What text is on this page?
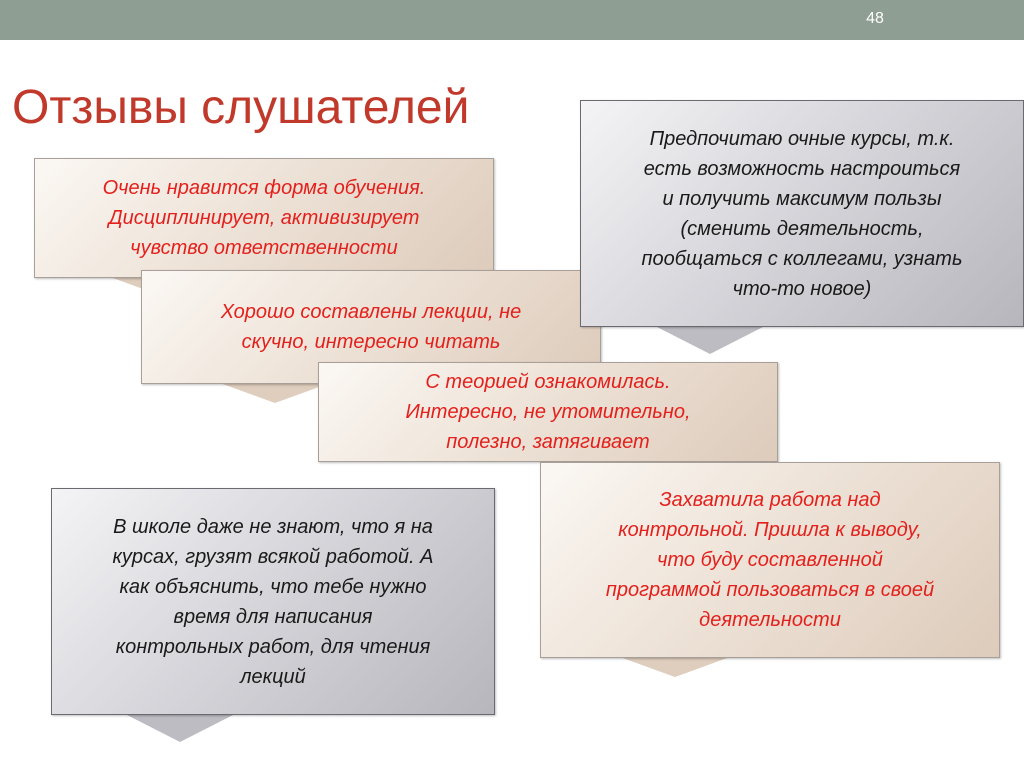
48
Отзывы слушателей
Очень нравится форма обучения.
Дисциплинирует, активизирует
чувство ответственности
Хорошо составлены лекции, не
скучно, интересно читать
С теорией ознакомилась.
Интересно, не утомительно,
полезно, затягивает
Предпочитаю очные курсы, т.к.
есть возможность настроиться
и получить максимум пользы
(сменить деятельность,
пообщаться с коллегами, узнать
что-то новое)
Захватила работа над
контрольной. Пришла к выводу,
что буду составленной
программой пользоваться в своей
деятельности
В школе даже не знают, что я на
курсах, грузят всякой работой. А
как объяснить, что тебе нужно
время для написания
контрольных работ, для чтения
лекций
